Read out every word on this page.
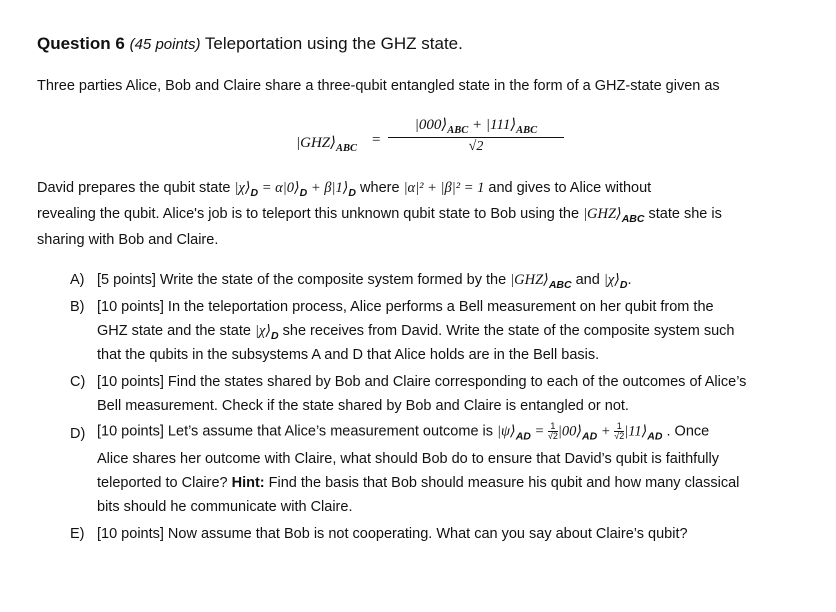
Question 6 (45 points) Teleportation using the GHZ state.
Three parties Alice, Bob and Claire share a three-qubit entangled state in the form of a GHZ-state given as
$|GHZ⟩_{ABC}$
=
$|000⟩_{ABC}$ + $|111⟩_{ABC}$
√2
David prepares the qubit state $|\chi⟩_D$ = $\alpha|0⟩_D$ + $\beta|1⟩_D$ where |α|² + |β|² = 1 and gives to Alice without
revealing the qubit. Alice's job is to teleport this unknown qubit state to Bob using the $|GHZ⟩_{ABC}$ state she is
sharing with Bob and Claire.
A) [5 points] Write the state of the composite system formed by the $|GHZ⟩_{ABC}$ and $|\chi⟩_D$.
B) [10 points] In the teleportation process, Alice performs a Bell measurement on her qubit from the
GHZ state and the state $|\chi⟩_D$ she receives from David. Write the state of the composite system such
that the qubits in the subsystems A and D that Alice holds are in the Bell basis.
C) [10 points] Find the states shared by Bob and Claire corresponding to each of the outcomes of Alice’s
Bell measurement. Check if the state shared by Bob and Claire is entangled or not.
D) [10 points] Let’s assume that Alice’s measurement outcome is $|\psi⟩_{AD} = \frac{1}{√2}$ $|00⟩_{AD} + \frac{1}{√2}$ $|11⟩_{AD}$ . Once
Alice shares her outcome with Claire, what should Bob do to ensure that David’s qubit is faithfully
teleported to Claire? Hint: Find the basis that Bob should measure his qubit and how many classical
bits should he communicate with Claire.
E) [10 points] Now assume that Bob is not cooperating. What can you say about Claire’s qubit?
